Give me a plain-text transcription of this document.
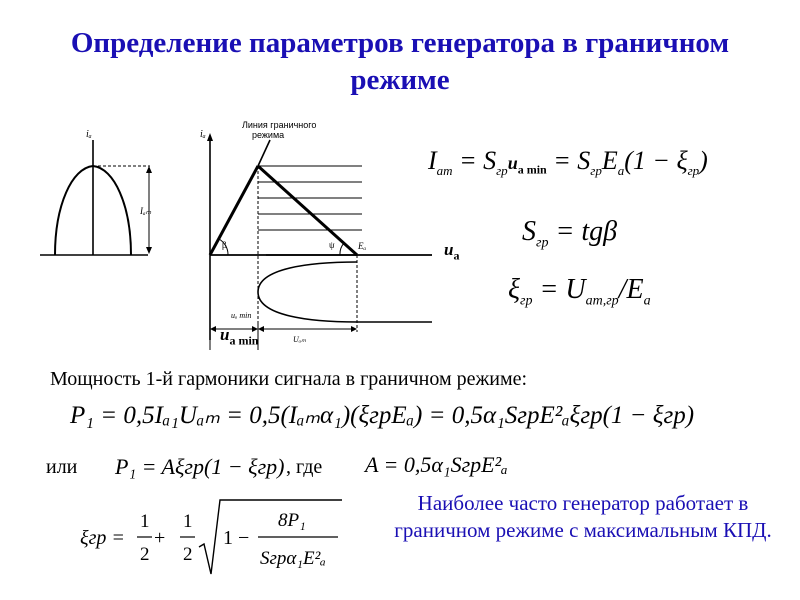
Определение параметров генератора в граничном режиме
iₐ
Iₐₘ
iₐ
Линия граничного
режима
β	ψ	Eₐ
uₐ min
Uₐₘ
$u_a$
$u_{a min}$
$I_{am} = S_{гр}u_{a min} = S_{гр}E_a(1 - \xi_{гр})$
$S_{гр} = tg\beta$
$\xi_{гр} = U_{am,гр}/E_a$
Мощность 1-й гармоники сигнала в граничном режиме:
P₁ = 0,5Iₐ₁Uₐₘ = 0,5(Iₐₘα₁)(ξгрEₐ) = 0,5α₁SгрE²ₐξгр(1 − ξгр)
или P₁ = Aξгр(1 − ξгр) , где A = 0,5α₁SгрE²ₐ
ξгр =
1
2
+
1
2
1 −
8P₁
Sгрα₁E²ₐ
Наиболее часто генератор работает в граничном режиме с максимальным КПД.
